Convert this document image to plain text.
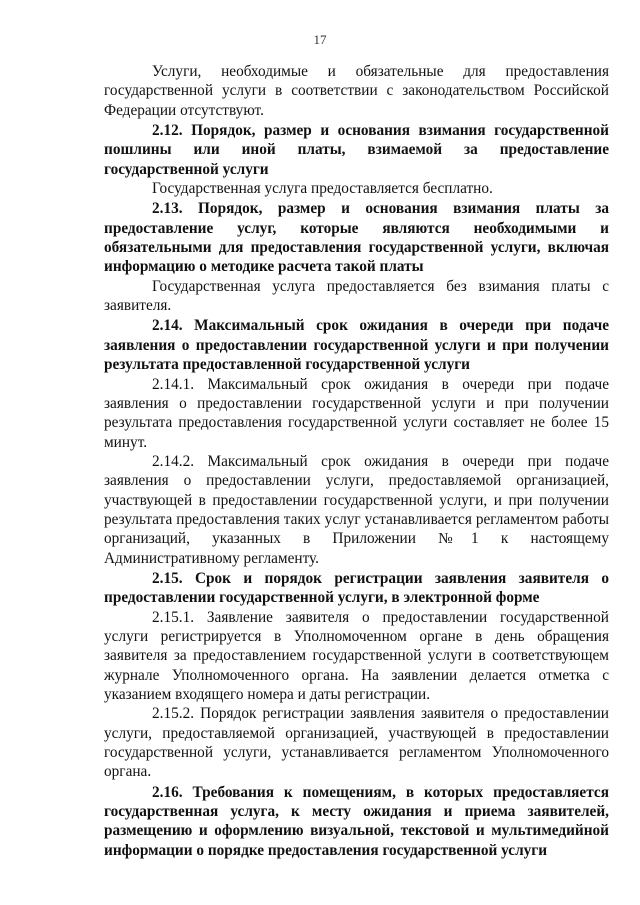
17

Услуги, необходимые и обязательные для предоставления государственной услуги в соответствии с законодательством Российской Федерации отсутствуют.

2.12. Порядок, размер и основания взимания государственной пошлины или иной платы, взимаемой за предоставление государственной услуги

Государственная услуга предоставляется бесплатно.

2.13. Порядок, размер и основания взимания платы за предоставление услуг, которые являются необходимыми и обязательными для предоставления государственной услуги, включая информацию о методике расчета такой платы

Государственная услуга предоставляется без взимания платы с заявителя.

2.14. Максимальный срок ожидания в очереди при подаче заявления о предоставлении государственной услуги и при получении результата предоставленной государственной услуги

2.14.1. Максимальный срок ожидания в очереди при подаче заявления о предоставлении государственной услуги и при получении результата предоставления государственной услуги составляет не более 15 минут.

2.14.2. Максимальный срок ожидания в очереди при подаче заявления о предоставлении услуги, предоставляемой организацией, участвующей в предоставлении государственной услуги, и при получении результата предоставления таких услуг устанавливается регламентом работы организаций, указанных в Приложении №1 к настоящему Административному регламенту.

2.15. Срок и порядок регистрации заявления заявителя о предоставлении государственной услуги, в электронной форме

2.15.1. Заявление заявителя о предоставлении государственной услуги регистрируется в Уполномоченном органе в день обращения заявителя за предоставлением государственной услуги в соответствующем журнале Уполномоченного органа. На заявлении делается отметка с указанием входящего номера и даты регистрации.

2.15.2. Порядок регистрации заявления заявителя о предоставлении услуги, предоставляемой организацией, участвующей в предоставлении государственной услуги, устанавливается регламентом Уполномоченного органа.

2.16. Требования к помещениям, в которых предоставляется государственная услуга, к месту ожидания и приема заявителей, размещению и оформлению визуальной, текстовой и мультимедийной информации о порядке предоставления государственной услуги
